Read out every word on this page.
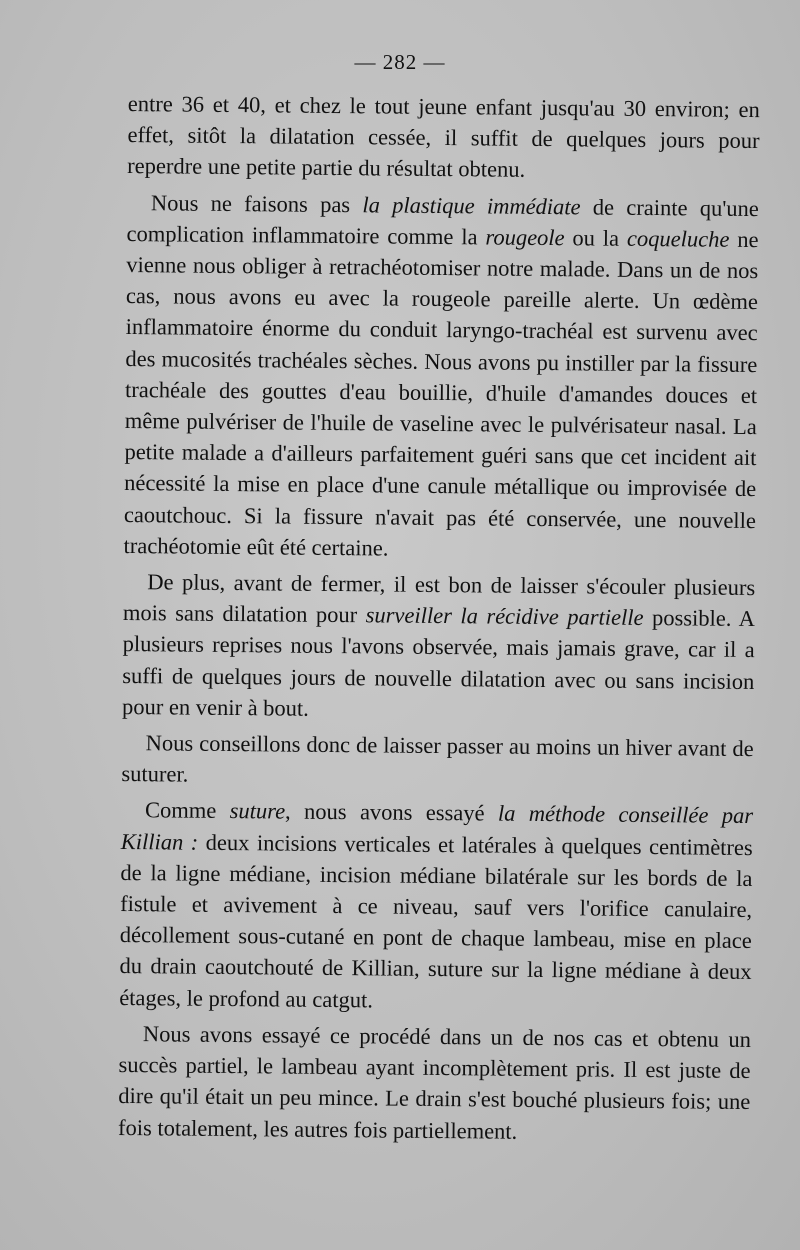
— 282 —

entre 36 et 40, et chez le tout jeune enfant jusqu'au 30 environ; en effet, sitôt la dilatation cessée, il suffit de quelques jours pour reperdre une petite partie du résultat obtenu.

Nous ne faisons pas la plastique immédiate de crainte qu'une complication inflammatoire comme la rougeole ou la coqueluche ne vienne nous obliger à retrachéotomiser notre malade. Dans un de nos cas, nous avons eu avec la rougeole pareille alerte. Un œdème inflammatoire énorme du conduit laryngo-trachéal est survenu avec des mucosités trachéales sèches. Nous avons pu instiller par la fissure trachéale des gouttes d'eau bouillie, d'huile d'amandes douces et même pulvériser de l'huile de vaseline avec le pulvérisateur nasal. La petite malade a d'ailleurs parfaitement guéri sans que cet incident ait nécessité la mise en place d'une canule métallique ou improvisée de caoutchouc. Si la fissure n'avait pas été conservée, une nouvelle trachéotomie eût été certaine.

De plus, avant de fermer, il est bon de laisser s'écouler plusieurs mois sans dilatation pour surveiller la récidive partielle possible. A plusieurs reprises nous l'avons observée, mais jamais grave, car il a suffi de quelques jours de nouvelle dilatation avec ou sans incision pour en venir à bout.

Nous conseillons donc de laisser passer au moins un hiver avant de suturer.

Comme suture, nous avons essayé la méthode conseillée par Killian : deux incisions verticales et latérales à quelques centimètres de la ligne médiane, incision médiane bilatérale sur les bords de la fistule et avivement à ce niveau, sauf vers l'orifice canulaire, décollement sous-cutané en pont de chaque lambeau, mise en place du drain caoutchouté de Killian, suture sur la ligne médiane à deux étages, le profond au catgut.

Nous avons essayé ce procédé dans un de nos cas et obtenu un succès partiel, le lambeau ayant incomplètement pris. Il est juste de dire qu'il était un peu mince. Le drain s'est bouché plusieurs fois; une fois totalement, les autres fois partiellement.
